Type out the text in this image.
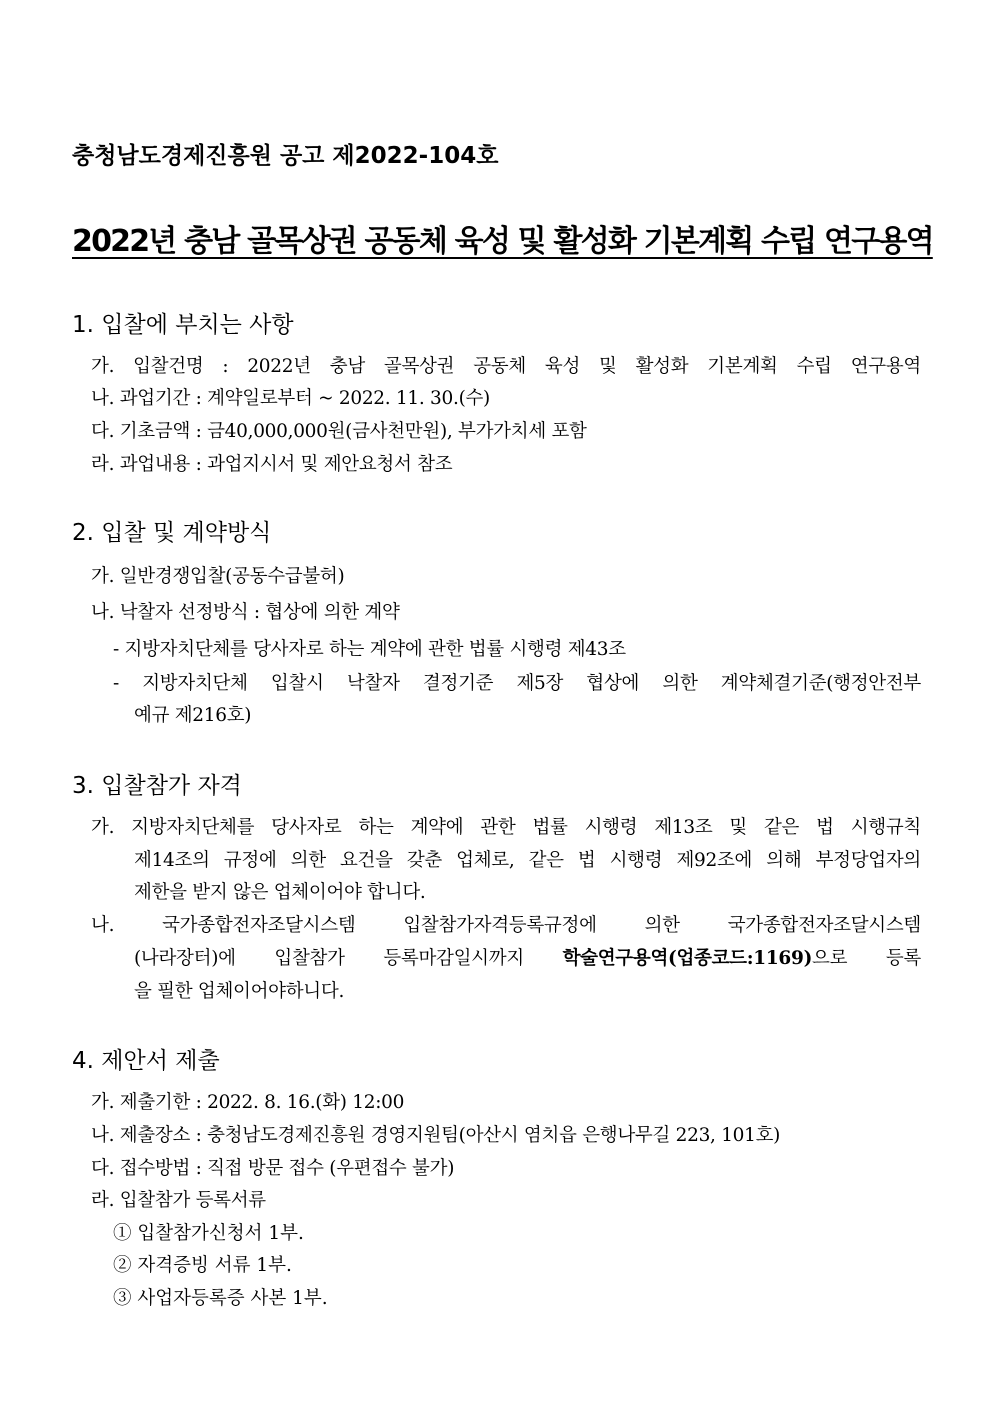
충청남도경제진흥원 공고 제2022-104호
2022년 충남 골목상권 공동체 육성 및 활성화 기본계획 수립 연구용역
1. 입찰에 부치는 사항
가. 입찰건명 : 2022년 충남 골목상권 공동체 육성 및 활성화 기본계획 수립 연구용역
나. 과업기간 : 계약일로부터 ~ 2022. 11. 30.(수)
다. 기초금액 : 금40,000,000원(금사천만원), 부가가치세 포함
라. 과업내용 : 과업지시서 및 제안요청서 참조
2. 입찰 및 계약방식
가. 일반경쟁입찰(공동수급불허)
나. 낙찰자 선정방식 : 협상에 의한 계약
- 지방자치단체를 당사자로 하는 계약에 관한 법률 시행령 제43조
- 지방자치단체 입찰시 낙찰자 결정기준 제5장 협상에 의한 계약체결기준(행정안전부
예규 제216호)
3. 입찰참가 자격
가. 지방자치단체를 당사자로 하는 계약에 관한 법률 시행령 제13조 및 같은 법 시행규칙
제14조의 규정에 의한 요건을 갖춘 업체로, 같은 법 시행령 제92조에 의해 부정당업자의
제한을 받지 않은 업체이어야 합니다.
나. 국가종합전자조달시스템 입찰참가자격등록규정에 의한 국가종합전자조달시스템
(나라장터)에 입찰참가 등록마감일시까지 학술연구용역(업종코드:1169)으로 등록
을 필한 업체이어야하니다.
4. 제안서 제출
가. 제출기한 : 2022. 8. 16.(화) 12:00
나. 제출장소 : 충청남도경제진흥원 경영지원팀(아산시 염치읍 은행나무길 223, 101호)
다. 접수방법 : 직접 방문 접수 (우편접수 불가)
라. 입찰참가 등록서류
① 입찰참가신청서 1부.
② 자격증빙 서류 1부.
③ 사업자등록증 사본 1부.
